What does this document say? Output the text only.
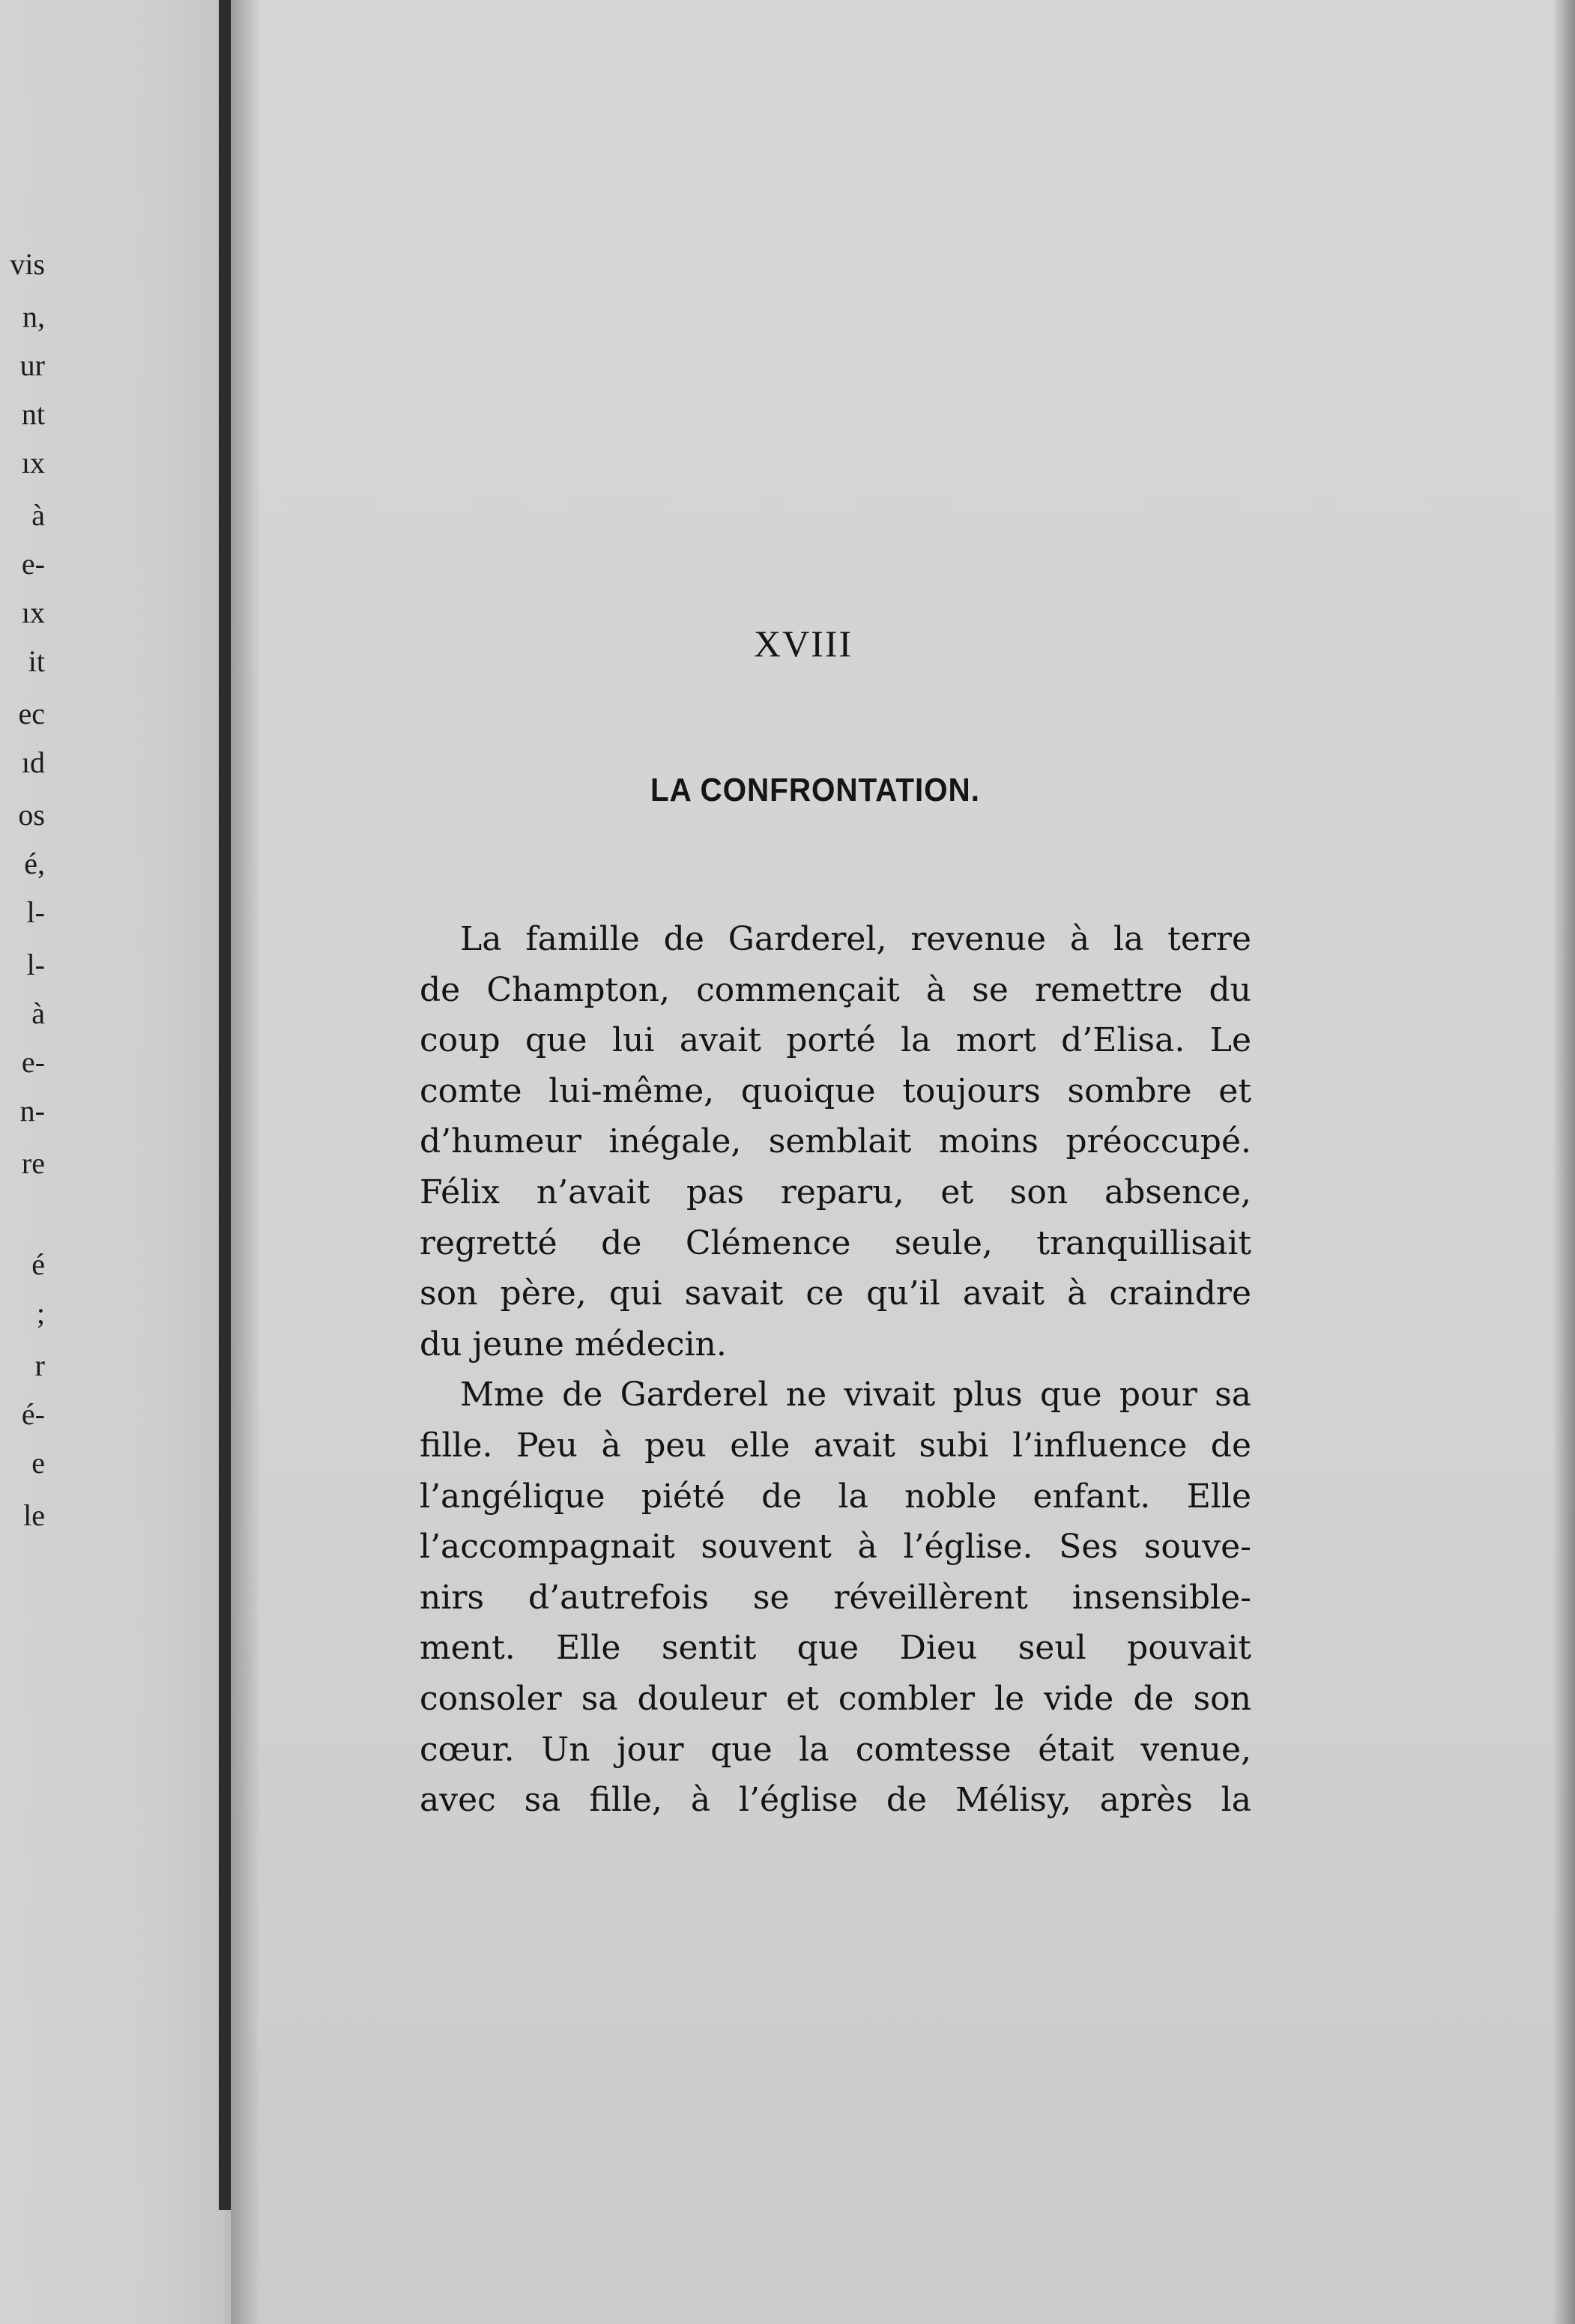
vis
n,
ur
nt
ıx
à
e-
ıx
it
ec
ıd
os
é,
l-
l-
à
e-
n-
re
é
;
r
é-
e
le
XVIII
LA CONFRONTATION.
La famille de Garderel, revenue à la terre
de Champton, commençait à se remettre du
coup que lui avait porté la mort d’Elisa. Le
comte lui-même, quoique toujours sombre et
d’humeur inégale, semblait moins préoccupé.
Félix n’avait pas reparu, et son absence,
regretté de Clémence seule, tranquillisait
son père, qui savait ce qu’il avait à craindre
du jeune médecin.
Mme de Garderel ne vivait plus que pour sa
fille. Peu à peu elle avait subi l’influence de
l’angélique piété de la noble enfant. Elle
l’accompagnait souvent à l’église. Ses souve-
nirs d’autrefois se réveillèrent insensible-
ment. Elle sentit que Dieu seul pouvait
consoler sa douleur et combler le vide de son
cœur. Un jour que la comtesse était venue,
avec sa fille, à l’église de Mélisy, après la
